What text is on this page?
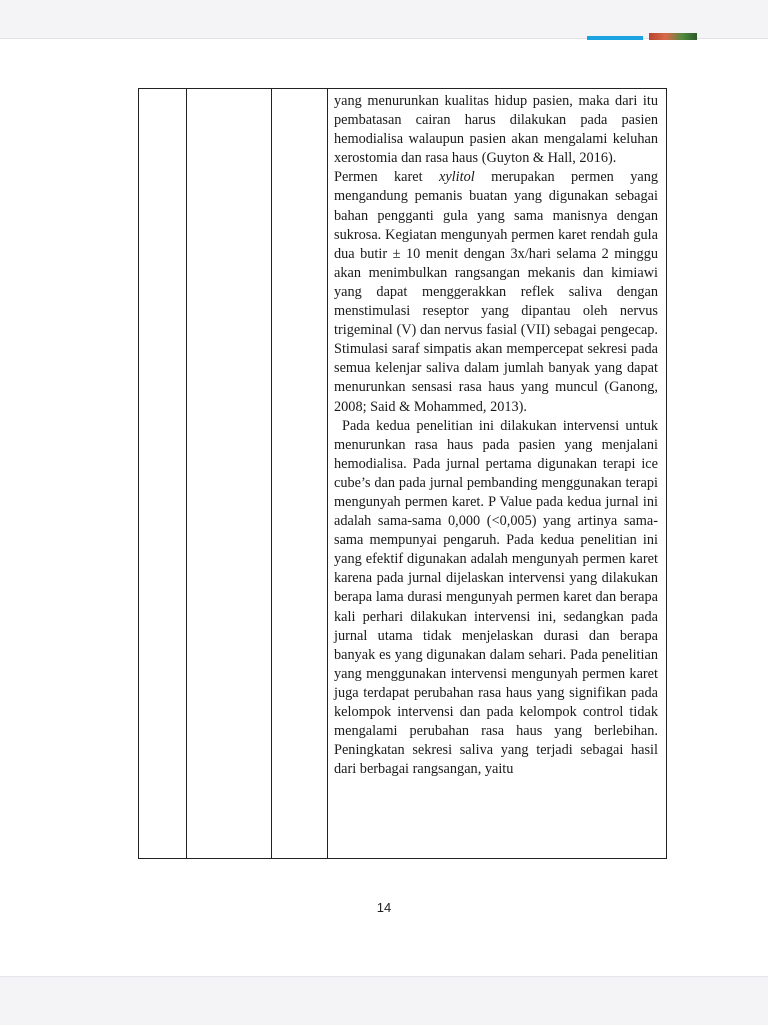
yang menurunkan kualitas hidup pasien, maka dari itu pembatasan cairan harus dilakukan pada pasien hemodialisa walaupun pasien akan mengalami keluhan xerostomia dan rasa haus (Guyton & Hall, 2016).

Permen karet xylitol merupakan permen yang mengandung pemanis buatan yang digunakan sebagai bahan pengganti gula yang sama manisnya dengan sukrosa. Kegiatan mengunyah permen karet rendah gula dua butir ± 10 menit dengan 3x/hari selama 2 minggu akan menimbulkan rangsangan mekanis dan kimiawi yang dapat menggerakkan reflek saliva dengan menstimulasi reseptor yang dipantau oleh nervus trigeminal (V) dan nervus fasial (VII) sebagai pengecap. Stimulasi saraf simpatis akan mempercepat sekresi pada semua kelenjar saliva dalam jumlah banyak yang dapat menurunkan sensasi rasa haus yang muncul (Ganong, 2008; Said & Mohammed, 2013).

Pada kedua penelitian ini dilakukan intervensi untuk menurunkan rasa haus pada pasien yang menjalani hemodialisa. Pada jurnal pertama digunakan terapi ice cube’s dan pada jurnal pembanding menggunakan terapi mengunyah permen karet. P Value pada kedua jurnal ini adalah sama-sama 0,000 (<0,005) yang artinya sama-sama mempunyai pengaruh. Pada kedua penelitian ini yang efektif digunakan adalah mengunyah permen karet karena pada jurnal dijelaskan intervensi yang dilakukan berapa lama durasi mengunyah permen karet dan berapa kali perhari dilakukan intervensi ini, sedangkan pada jurnal utama tidak menjelaskan durasi dan berapa banyak es yang digunakan dalam sehari. Pada penelitian yang menggunakan intervensi mengunyah permen karet juga terdapat perubahan rasa haus yang signifikan pada kelompok intervensi dan pada kelompok control tidak mengalami perubahan rasa haus yang berlebihan. Peningkatan sekresi saliva yang terjadi sebagai hasil dari berbagai rangsangan, yaitu

14
